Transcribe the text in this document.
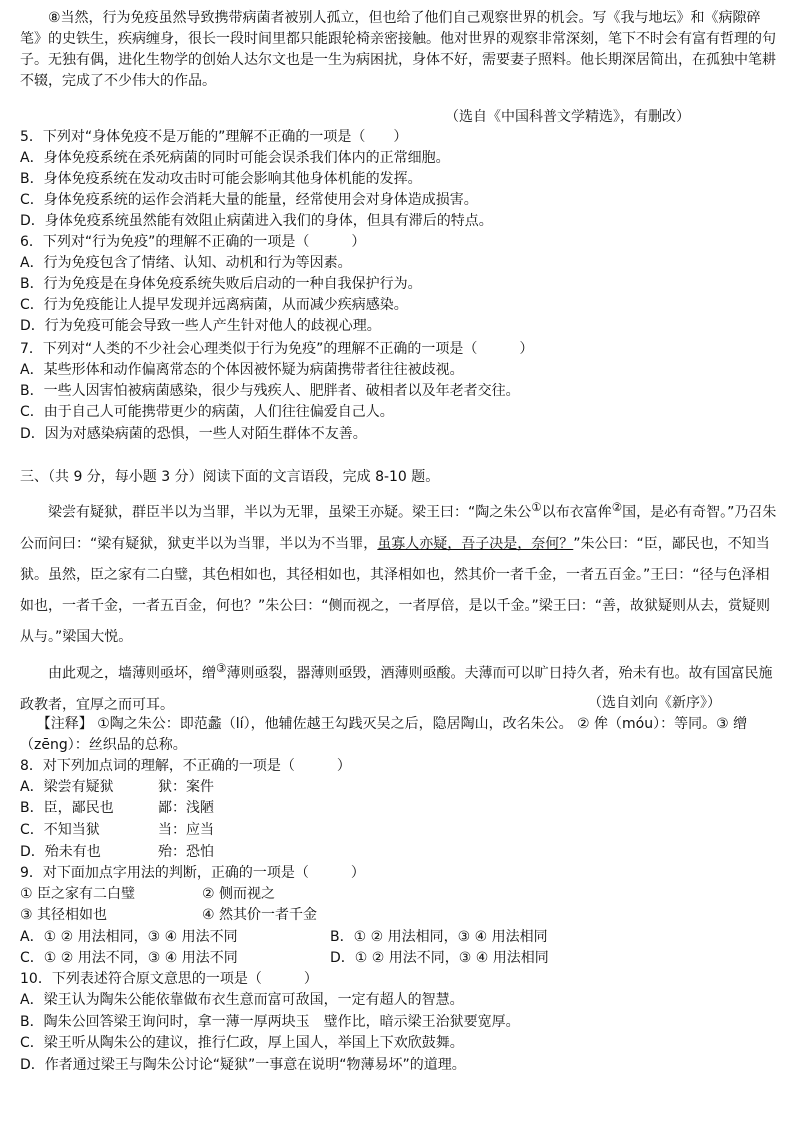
⑧当然，行为免疫虽然导致携带病菌者被别人孤立，但也给了他们自己观察世界的机会。写《我与地坛》和《病隙碎笔》的史铁生，疾病缠身，很长一段时间里都只能跟轮椅亲密接触。他对世界的观察非常深刻，笔下不时会有富有哲理的句子。无独有偶，进化生物学的创始人达尔文也是一生为病困扰，身体不好，需要妻子照料。他长期深居简出，在孤独中笔耕不辍，完成了不少伟大的作品。
（选自《中国科普文学精选》，有删改）
5．下列对“身体免疫不是万能的”理解不正确的一项是（　　）
A．身体免疫系统在杀死病菌的同时可能会误杀我们体内的正常细胞。
B．身体免疫系统在发动攻击时可能会影响其他身体机能的发挥。
C．身体免疫系统的运作会消耗大量的能量，经常使用会对身体造成损害。
D．身体免疫系统虽然能有效阻止病菌进入我们的身体，但具有滞后的特点。
6．下列对“行为免疫”的理解不正确的一项是（　　　）
A．行为免疫包含了情绪、认知、动机和行为等因素。
B．行为免疫是在身体免疫系统失败后启动的一种自我保护行为。
C．行为免疫能让人提早发现并远离病菌，从而减少疾病感染。
D．行为免疫可能会导致一些人产生针对他人的歧视心理。
7．下列对“人类的不少社会心理类似于行为免疫”的理解不正确的一项是（　　　）
A．某些形体和动作偏离常态的个体因被怀疑为病菌携带者往往被歧视。
B．一些人因害怕被病菌感染，很少与残疾人、肥胖者、破相者以及年老者交往。
C．由于自己人可能携带更少的病菌，人们往往偏爱自己人。
D．因为对感染病菌的恐惧，一些人对陌生群体不友善。
三、（共 9 分，每小题 3 分）阅读下面的文言语段，完成 8-10 题。
梁尝有疑狱，群臣半以为当罪，半以为无罪，虽梁王亦疑。梁王曰：“陶之朱公①以布衣富侔②国，是必有奇智。”乃召朱公而问曰：“梁有疑狱，狱吏半以为当罪，半以为不当罪，虽寡人亦疑，吾子决是，奈何？”朱公曰：“臣，鄙民也，不知当狱。虽然，臣之家有二白璧，其色相如也，其径相如也，其泽相如也，然其价一者千金，一者五百金。”王曰：“径与色泽相如也，一者千金，一者五百金，何也？”朱公曰：“侧而视之，一者厚倍，是以千金。”梁王曰：“善，故狱疑则从去，赏疑则从与。”梁国大悦。
由此观之，墙薄则亟坏，缯③薄则亟裂，器薄则亟毁，酒薄则亟酸。夫薄而可以旷日持久者，殆未有也。故有国富民施政教者，宜厚之而可耳。	（选自刘向《新序》）
【注释】 ①陶之朱公：即范蠡（lí），他辅佐越王勾践灭吴之后，隐居陶山，改名朱公。 ② 侔（móu）：等同。③ 缯（zēng）：丝织品的总称。
8．对下列加点词的理解，不正确的一项是（　　　）
A．梁尝有疑狱	狱：案件
B．臣，鄙民也	鄙：浅陋
C．不知当狱	当：应当
D．殆未有也	殆：恐怕
9．对下面加点字用法的判断，正确的一项是（　　　）
① 臣之家有二白璧	② 侧而视之
③ 其径相如也	④ 然其价一者千金
A．① ② 用法相同，③ ④ 用法不同	B．① ② 用法相同，③ ④ 用法相同
C．① ② 用法不同，③ ④ 用法不同	D．① ② 用法不同，③ ④ 用法相同
10．下列表述符合原文意思的一项是（　　　）
A．梁王认为陶朱公能依靠做布衣生意而富可敌国，一定有超人的智慧。
B．陶朱公回答梁王询问时，拿一薄一厚两块玉　璧作比，暗示梁王治狱要宽厚。
C．梁王听从陶朱公的建议，推行仁政，厚上国人，举国上下欢欣鼓舞。
D．作者通过梁王与陶朱公讨论“疑狱”一事意在说明“物薄易坏”的道理。
